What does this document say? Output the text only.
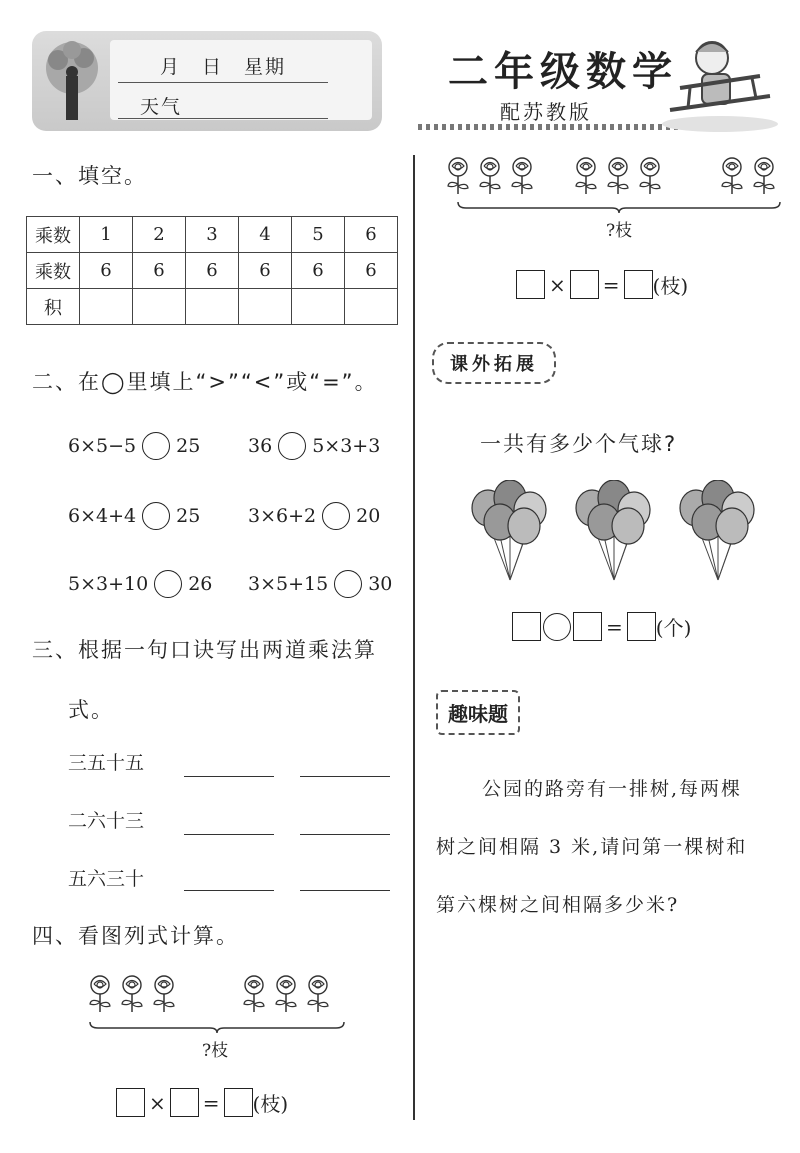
月　日　星期
天气
二年级数学
配苏教版
一、填空。
乘数	1	2	3	4	5	6
乘数	6	6	6	6	6	6
积						
二、在◯里填上“>”“<”或“=”。
6×5−5 25	36 5×3+3
6×4+4 25	3×6+2 20
5×3+10 26 3×5+15 30
三、根据一句口诀写出两道乘法算
式。
三五十五
二六十三
五六三十
四、看图列式计算。
?枝
× = (枝)
?枝
× = (枝)
课外拓展
一共有多少个气球?
= (个)
趣味题
公园的路旁有一排树,每两棵
树之间相隔 3 米,请问第一棵树和
第六棵树之间相隔多少米?
